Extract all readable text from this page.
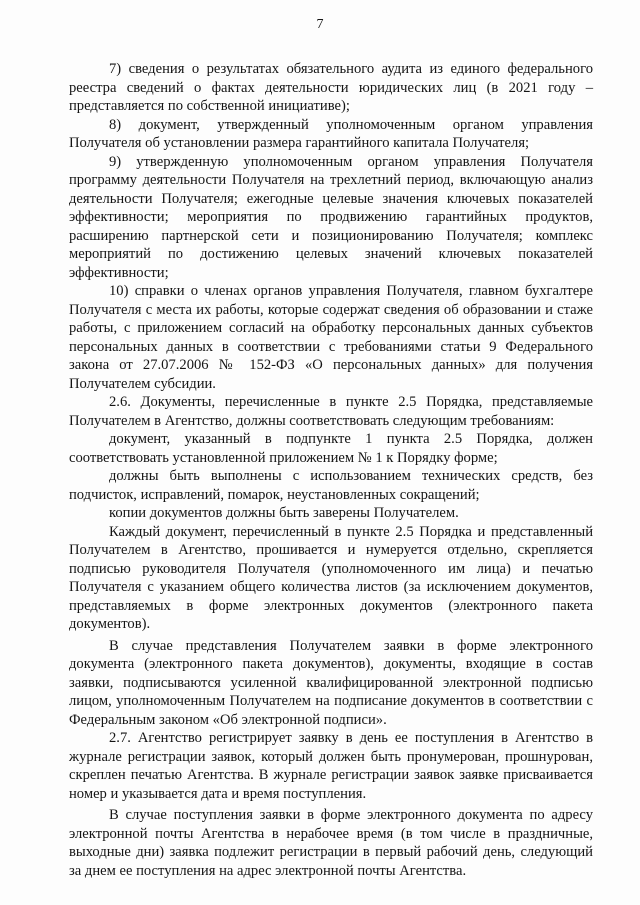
7

7) сведения о результатах обязательного аудита из единого федерального реестра сведений о фактах деятельности юридических лиц (в 2021 году – представляется по собственной инициативе);

8) документ, утвержденный уполномоченным органом управления Получателя об установлении размера гарантийного капитала Получателя;

9) утвержденную уполномоченным органом управления Получателя программу деятельности Получателя на трехлетний период, включающую анализ деятельности Получателя; ежегодные целевые значения ключевых показателей эффективности; мероприятия по продвижению гарантийных продуктов, расширению партнерской сети и позиционированию Получателя; комплекс мероприятий по достижению целевых значений ключевых показателей эффективности;

10) справки о членах органов управления Получателя, главном бухгалтере Получателя с места их работы, которые содержат сведения об образовании и стаже работы, с приложением согласий на обработку персональных данных субъектов персональных данных в соответствии с требованиями статьи 9 Федерального закона от 27.07.2006 № 152-ФЗ «О персональных данных» для получения Получателем субсидии.

2.6. Документы, перечисленные в пункте 2.5 Порядка, представляемые Получателем в Агентство, должны соответствовать следующим требованиям:

документ, указанный в подпункте 1 пункта 2.5 Порядка, должен соответствовать установленной приложением № 1 к Порядку форме;

должны быть выполнены с использованием технических средств, без подчисток, исправлений, помарок, неустановленных сокращений;

копии документов должны быть заверены Получателем.

Каждый документ, перечисленный в пункте 2.5 Порядка и представленный Получателем в Агентство, прошивается и нумеруется отдельно, скрепляется подписью руководителя Получателя (уполномоченного им лица) и печатью Получателя с указанием общего количества листов (за исключением документов, представляемых в форме электронных документов (электронного пакета документов).

В случае представления Получателем заявки в форме электронного документа (электронного пакета документов), документы, входящие в состав заявки, подписываются усиленной квалифицированной электронной подписью лицом, уполномоченным Получателем на подписание документов в соответствии с Федеральным законом «Об электронной подписи».

2.7. Агентство регистрирует заявку в день ее поступления в Агентство в журнале регистрации заявок, который должен быть пронумерован, прошнурован, скреплен печатью Агентства. В журнале регистрации заявок заявке присваивается номер и указывается дата и время поступления.

В случае поступления заявки в форме электронного документа по адресу электронной почты Агентства в нерабочее время (в том числе в праздничные, выходные дни) заявка подлежит регистрации в первый рабочий день, следующий за днем ее поступления на адрес электронной почты Агентства.
